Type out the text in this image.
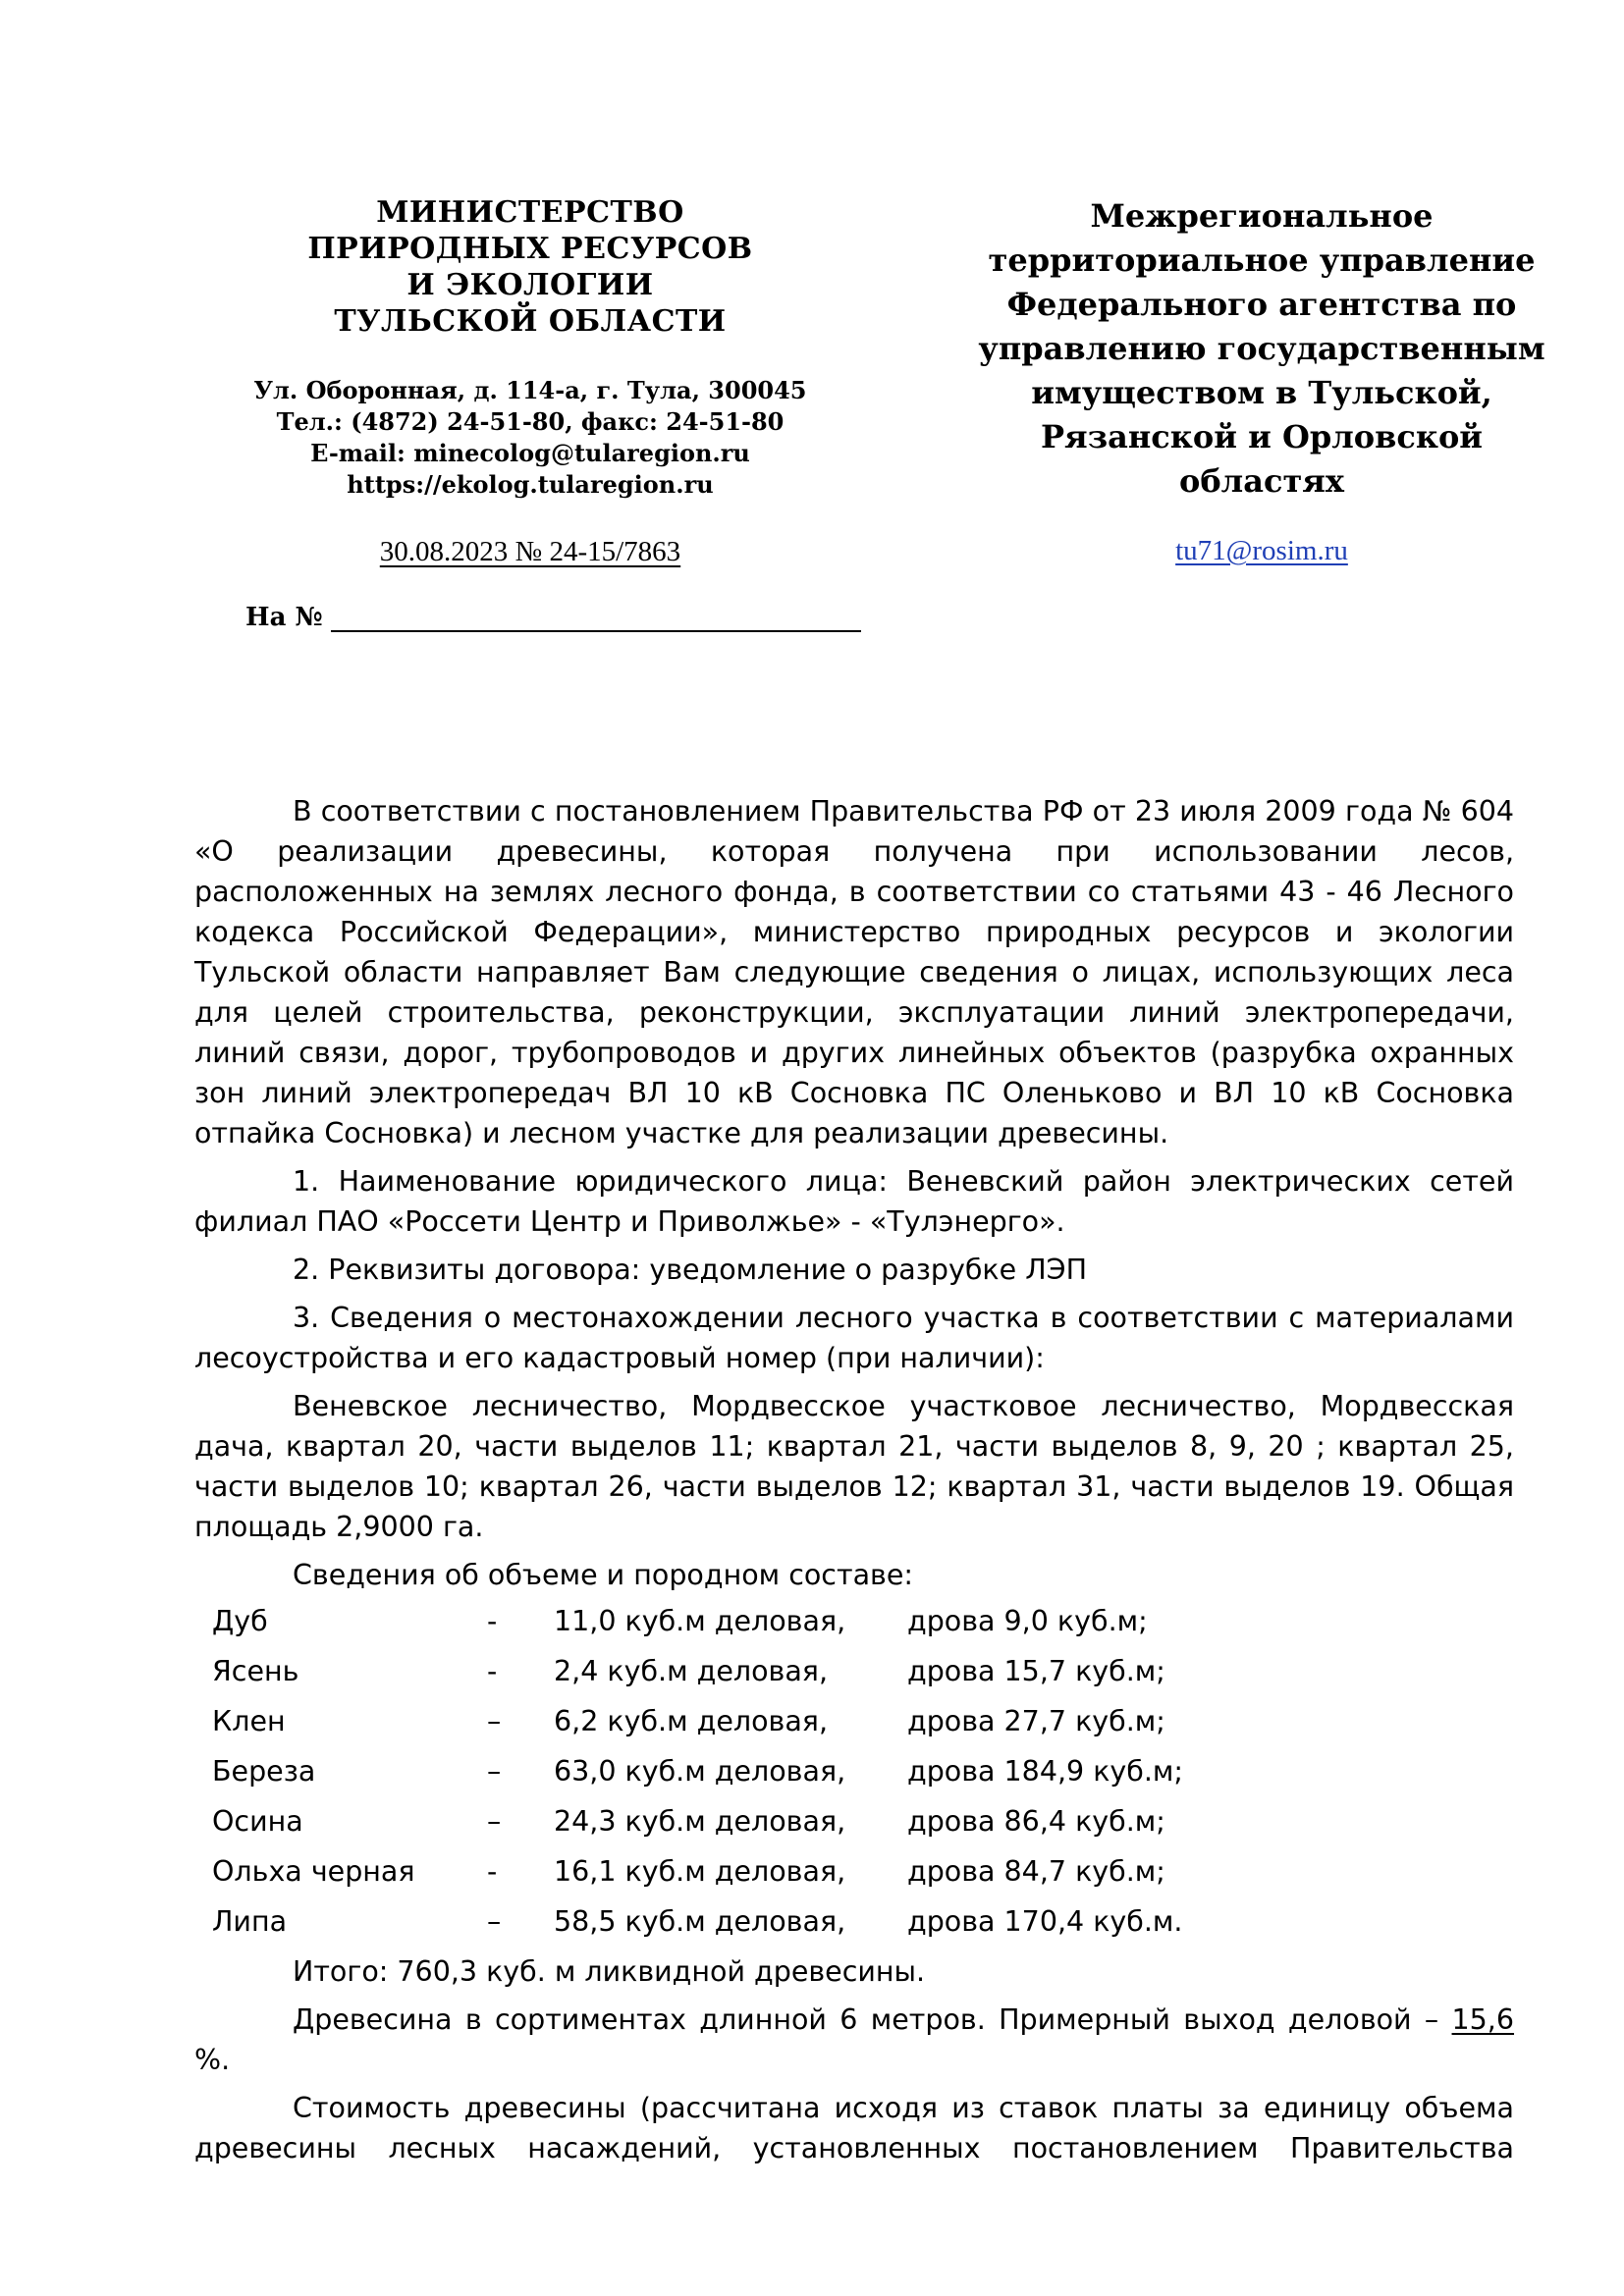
МИНИСТЕРСТВО
ПРИРОДНЫХ РЕСУРСОВ
И ЭКОЛОГИИ
ТУЛЬСКОЙ ОБЛАСТИ
Ул. Оборонная, д. 114-а, г. Тула, 300045
Тел.: (4872) 24-51-80, факс: 24-51-80
E-mail: minecolog@tularegion.ru
https://ekolog.tularegion.ru
30.08.2023 № 24-15/7863
На №
Межрегиональное
территориальное управление
Федерального агентства по
управлению государственным
имуществом в Тульской,
Рязанской и Орловской
областях
tu71@rosim.ru

В соответствии с постановлением Правительства РФ от 23 июля 2009 года № 604 «О реализации древесины, которая получена при использовании лесов, расположенных на землях лесного фонда, в соответствии со статьями 43 - 46 Лесного кодекса Российской Федерации», министерство природных ресурсов и экологии Тульской области направляет Вам следующие сведения о лицах, использующих леса для целей строительства, реконструкции, эксплуатации линий электропередачи, линий связи, дорог, трубопроводов и других линейных объектов (разрубка охранных зон линий электропередач ВЛ 10 кВ Сосновка ПС Оленьково и ВЛ 10 кВ Сосновка отпайка Сосновка) и лесном участке для реализации древесины.

1. Наименование юридического лица: Веневский район электрических сетей филиал ПАО «Россети Центр и Приволжье» - «Тулэнерго».

2. Реквизиты договора: уведомление о разрубке ЛЭП

3. Сведения о местонахождении лесного участка в соответствии с материалами лесоустройства и его кадастровый номер (при наличии):

Веневское лесничество, Мордвесское участковое лесничество, Мордвесская дача, квартал 20, части выделов 11; квартал 21, части выделов 8, 9, 20 ; квартал 25, части выделов 10; квартал 26, части выделов 12; квартал 31, части выделов 19. Общая площадь 2,9000 га.

Сведения об объеме и породном составе:

Дуб	-	11,0 куб.м деловая,	дрова 9,0 куб.м;
Ясень	-	2,4 куб.м деловая,	дрова 15,7 куб.м;
Клен	–	6,2 куб.м деловая,	дрова 27,7 куб.м;
Береза	–	63,0 куб.м деловая,	дрова 184,9 куб.м;
Осина	–	24,3 куб.м деловая,	дрова 86,4 куб.м;
Ольха черная	-	16,1 куб.м деловая,	дрова 84,7 куб.м;
Липа	–	58,5 куб.м деловая,	дрова 170,4 куб.м.

Итого: 760,3 куб. м ликвидной древесины.

Древесина в сортиментах длинной 6 метров. Примерный выход деловой – 15,6 %.

Стоимость древесины (рассчитана исходя из ставок платы за единицу объема древесины лесных насаждений, установленных постановлением Правительства
